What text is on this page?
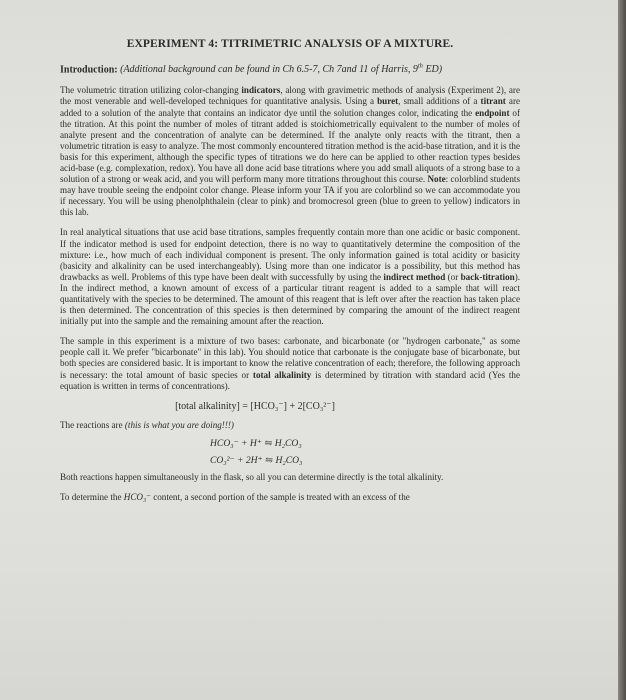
EXPERIMENT 4: TITRIMETRIC ANALYSIS OF A MIXTURE.
Introduction: (Additional background can be found in Ch 6.5-7, Ch 7and 11 of Harris, 9th ED)

The volumetric titration utilizing color-changing indicators, along with gravimetric methods of analysis (Experiment 2), are the most venerable and well-developed techniques for quantitative analysis. Using a buret, small additions of a titrant are added to a solution of the analyte that contains an indicator dye until the solution changes color, indicating the endpoint of the titration. At this point the number of moles of titrant added is stoichiometrically equivalent to the number of moles of analyte present and the concentration of analyte can be determined. If the analyte only reacts with the titrant, then a volumetric titration is easy to analyze. The most commonly encountered titration method is the acid-base titration, and it is the basis for this experiment, although the specific types of titrations we do here can be applied to other reaction types besides acid-base (e.g. complexation, redox). You have all done acid base titrations where you add small aliquots of a strong base to a solution of a strong or weak acid, and you will perform many more titrations throughout this course. Note: colorblind students may have trouble seeing the endpoint color change. Please inform your TA if you are colorblind so we can accommodate you if necessary. You will be using phenolphthalein (clear to pink) and bromocresol green (blue to green to yellow) indicators in this lab.

In real analytical situations that use acid base titrations, samples frequently contain more than one acidic or basic component. If the indicator method is used for endpoint detection, there is no way to quantitatively determine the composition of the mixture: i.e., how much of each individual component is present. The only information gained is total acidity or basicity (basicity and alkalinity can be used interchangeably). Using more than one indicator is a possibility, but this method has drawbacks as well. Problems of this type have been dealt with successfully by using the indirect method (or back-titration). In the indirect method, a known amount of excess of a particular titrant reagent is added to a sample that will react quantitatively with the species to be determined. The amount of this reagent that is left over after the reaction has taken place is then determined. The concentration of this species is then determined by comparing the amount of the indirect reagent initially put into the sample and the remaining amount after the reaction.

The sample in this experiment is a mixture of two bases: carbonate, and bicarbonate (or "hydrogen carbonate," as some people call it. We prefer "bicarbonate" in this lab). You should notice that carbonate is the conjugate base of bicarbonate, but both species are considered basic. It is important to know the relative concentration of each; therefore, the following approach is necessary: the total amount of basic species or total alkalinity is determined by titration with standard acid (Yes the equation is written in terms of concentrations).

[total alkalinity] = [HCO₃⁻] + 2[CO₃²⁻]
The reactions are (this is what you are doing!!!)
HCO₃⁻ + H⁺ ⇋ H₂CO₃
CO₃²⁻ + 2H⁺ ⇋ H₂CO₃

Both reactions happen simultaneously in the flask, so all you can determine directly is the total alkalinity.

To determine the HCO₃⁻ content, a second portion of the sample is treated with an excess of the
